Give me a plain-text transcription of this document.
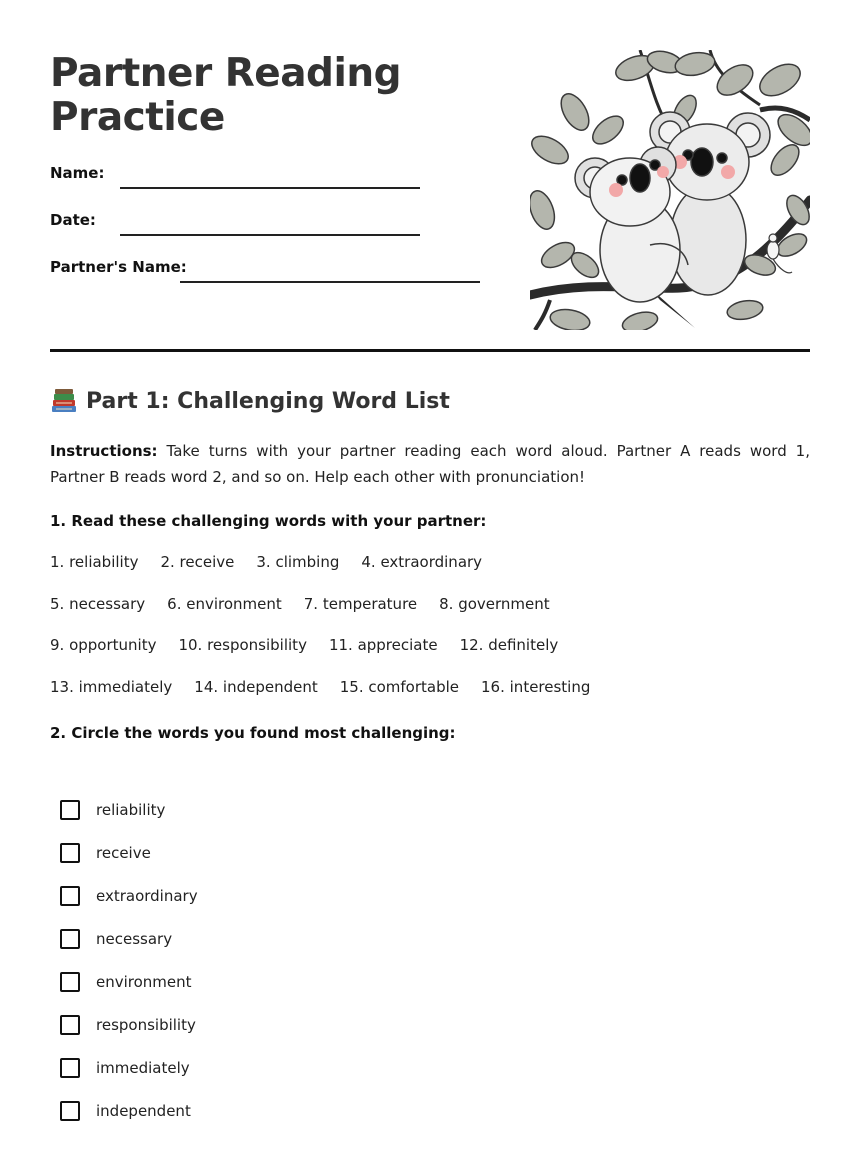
Partner Reading
Practice
Name:
Date:
Partner's Name:
Part 1: Challenging Word List

Instructions: Take turns with your partner reading each word aloud. Partner A reads word 1, Partner B reads word 2, and so on. Help each other with pronunciation!

1. Read these challenging words with your partner:
1. reliability 2. receive 3. climbing 4. extraordinary
5. necessary 6. environment 7. temperature 8. government
9. opportunity 10. responsibility 11. appreciate 12. definitely
13. immediately 14. independent 15. comfortable 16. interesting
2. Circle the words you found most challenging:
reliability
receive
extraordinary
necessary
environment
responsibility
immediately
independent
